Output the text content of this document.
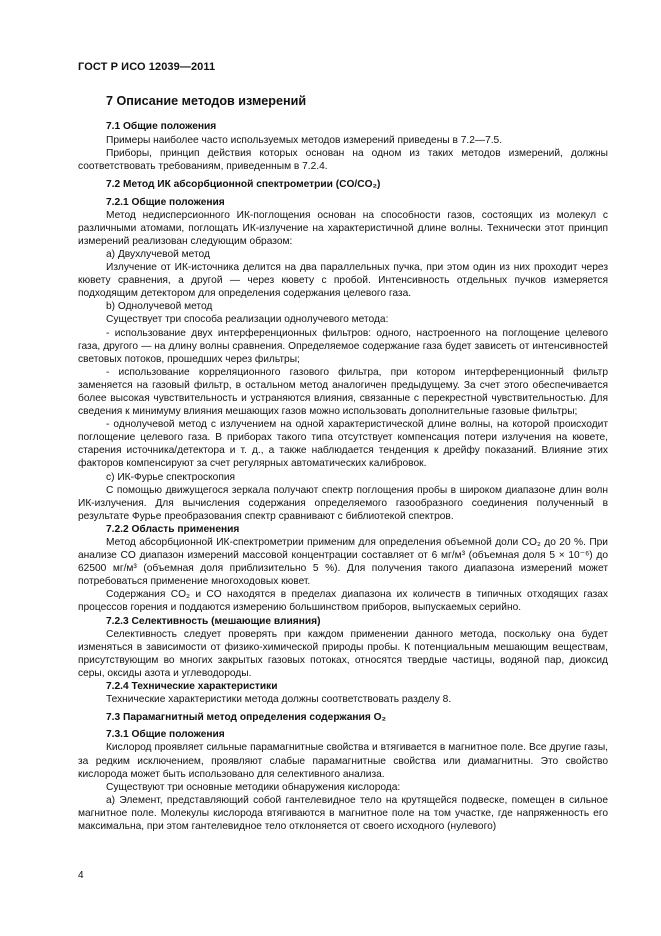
ГОСТ Р ИСО 12039—2011
7 Описание методов измерений
7.1 Общие положения

Примеры наиболее часто используемых методов измерений приведены в 7.2—7.5.

Приборы, принцип действия которых основан на одном из таких методов измерений, должны соответствовать требованиям, приведенным в 7.2.4.

7.2 Метод ИК абсорбционной спектрометрии (CO/CO₂)
7.2.1 Общие положения

Метод недисперсионного ИК-поглощения основан на способности газов, состоящих из молекул с различными атомами, поглощать ИК-излучение на характеристичной длине волны. Технически этот принцип измерений реализован следующим образом:

а) Двухлучевой метод

Излучение от ИК-источника делится на два параллельных пучка, при этом один из них проходит через кювету сравнения, а другой — через кювету с пробой. Интенсивность отдельных пучков измеряется подходящим детектором для определения содержания целевого газа.

b) Однолучевой метод

Существует три способа реализации однолучевого метода:

- использование двух интерференционных фильтров: одного, настроенного на поглощение целевого газа, другого — на длину волны сравнения. Определяемое содержание газа будет зависеть от интенсивностей световых потоков, прошедших через фильтры;

- использование корреляционного газового фильтра, при котором интерференционный фильтр заменяется на газовый фильтр, в остальном метод аналогичен предыдущему. За счет этого обеспечивается более высокая чувствительность и устраняются влияния, связанные с перекрестной чувствительностью. Для сведения к минимуму влияния мешающих газов можно использовать дополнительные газовые фильтры;

- однолучевой метод с излучением на одной характеристической длине волны, на которой происходит поглощение целевого газа. В приборах такого типа отсутствует компенсация потери излучения на кювете, старения источника/детектора и т. д., а также наблюдается тенденция к дрейфу показаний. Влияние этих факторов компенсируют за счет регулярных автоматических калибровок.

с) ИК-Фурье спектроскопия

С помощью движущегося зеркала получают спектр поглощения пробы в широком диапазоне длин волн ИК-излучения. Для вычисления содержания определяемого газообразного соединения полученный в результате Фурье преобразования спектр сравнивают с библиотекой спектров.

7.2.2 Область применения

Метод абсорбционной ИК-спектрометрии применим для определения объемной доли CO₂ до 20 %. При анализе CO диапазон измерений массовой концентрации составляет от 6 мг/м³ (объемная доля 5 × 10⁻⁶) до 62500 мг/м³ (объемная доля приблизительно 5 %). Для получения такого диапазона измерений может потребоваться применение многоходовых кювет.

Содержания CO₂ и CO находятся в пределах диапазона их количеств в типичных отходящих газах процессов горения и поддаются измерению большинством приборов, выпускаемых серийно.

7.2.3 Селективность (мешающие влияния)

Селективность следует проверять при каждом применении данного метода, поскольку она будет изменяться в зависимости от физико-химической природы пробы. К потенциальным мешающим веществам, присутствующим во многих закрытых газовых потоках, относятся твердые частицы, водяной пар, диоксид серы, оксиды азота и углеводороды.

7.2.4 Технические характеристики

Технические характеристики метода должны соответствовать разделу 8.

7.3 Парамагнитный метод определения содержания O₂
7.3.1 Общие положения

Кислород проявляет сильные парамагнитные свойства и втягивается в магнитное поле. Все другие газы, за редким исключением, проявляют слабые парамагнитные свойства или диамагнитны. Это свойство кислорода может быть использовано для селективного анализа.

Существуют три основные методики обнаружения кислорода:

а) Элемент, представляющий собой гантелевидное тело на крутящейся подвеске, помещен в сильное магнитное поле. Молекулы кислорода втягиваются в магнитное поле на том участке, где напряженность его максимальна, при этом гантелевидное тело отклоняется от своего исходного (нулевого)

4
